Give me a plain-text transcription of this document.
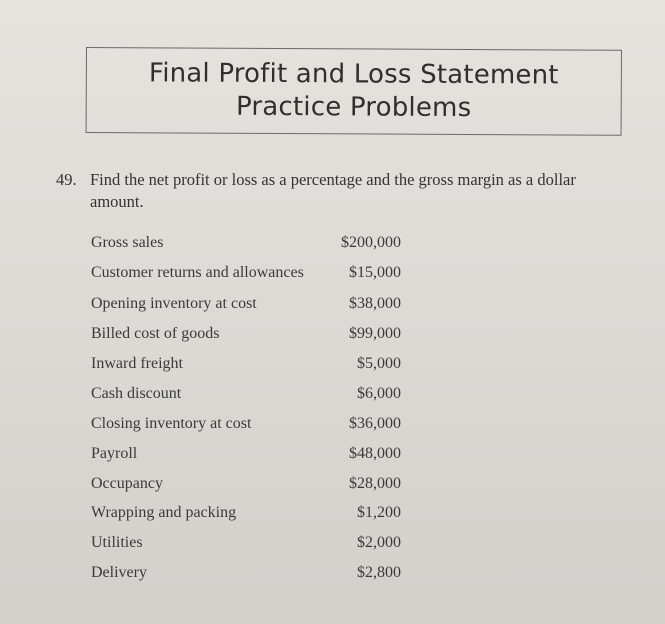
Final Profit and Loss Statement
Practice Problems
49. Find the net profit or loss as a percentage and the gross margin as a dollar amount.
Gross sales	$200,000
Customer returns and allowances	$15,000
Opening inventory at cost	$38,000
Billed cost of goods	$99,000
Inward freight	$5,000
Cash discount	$6,000
Closing inventory at cost	$36,000
Payroll	$48,000
Occupancy	$28,000
Wrapping and packing	$1,200
Utilities	$2,000
Delivery	$2,800
